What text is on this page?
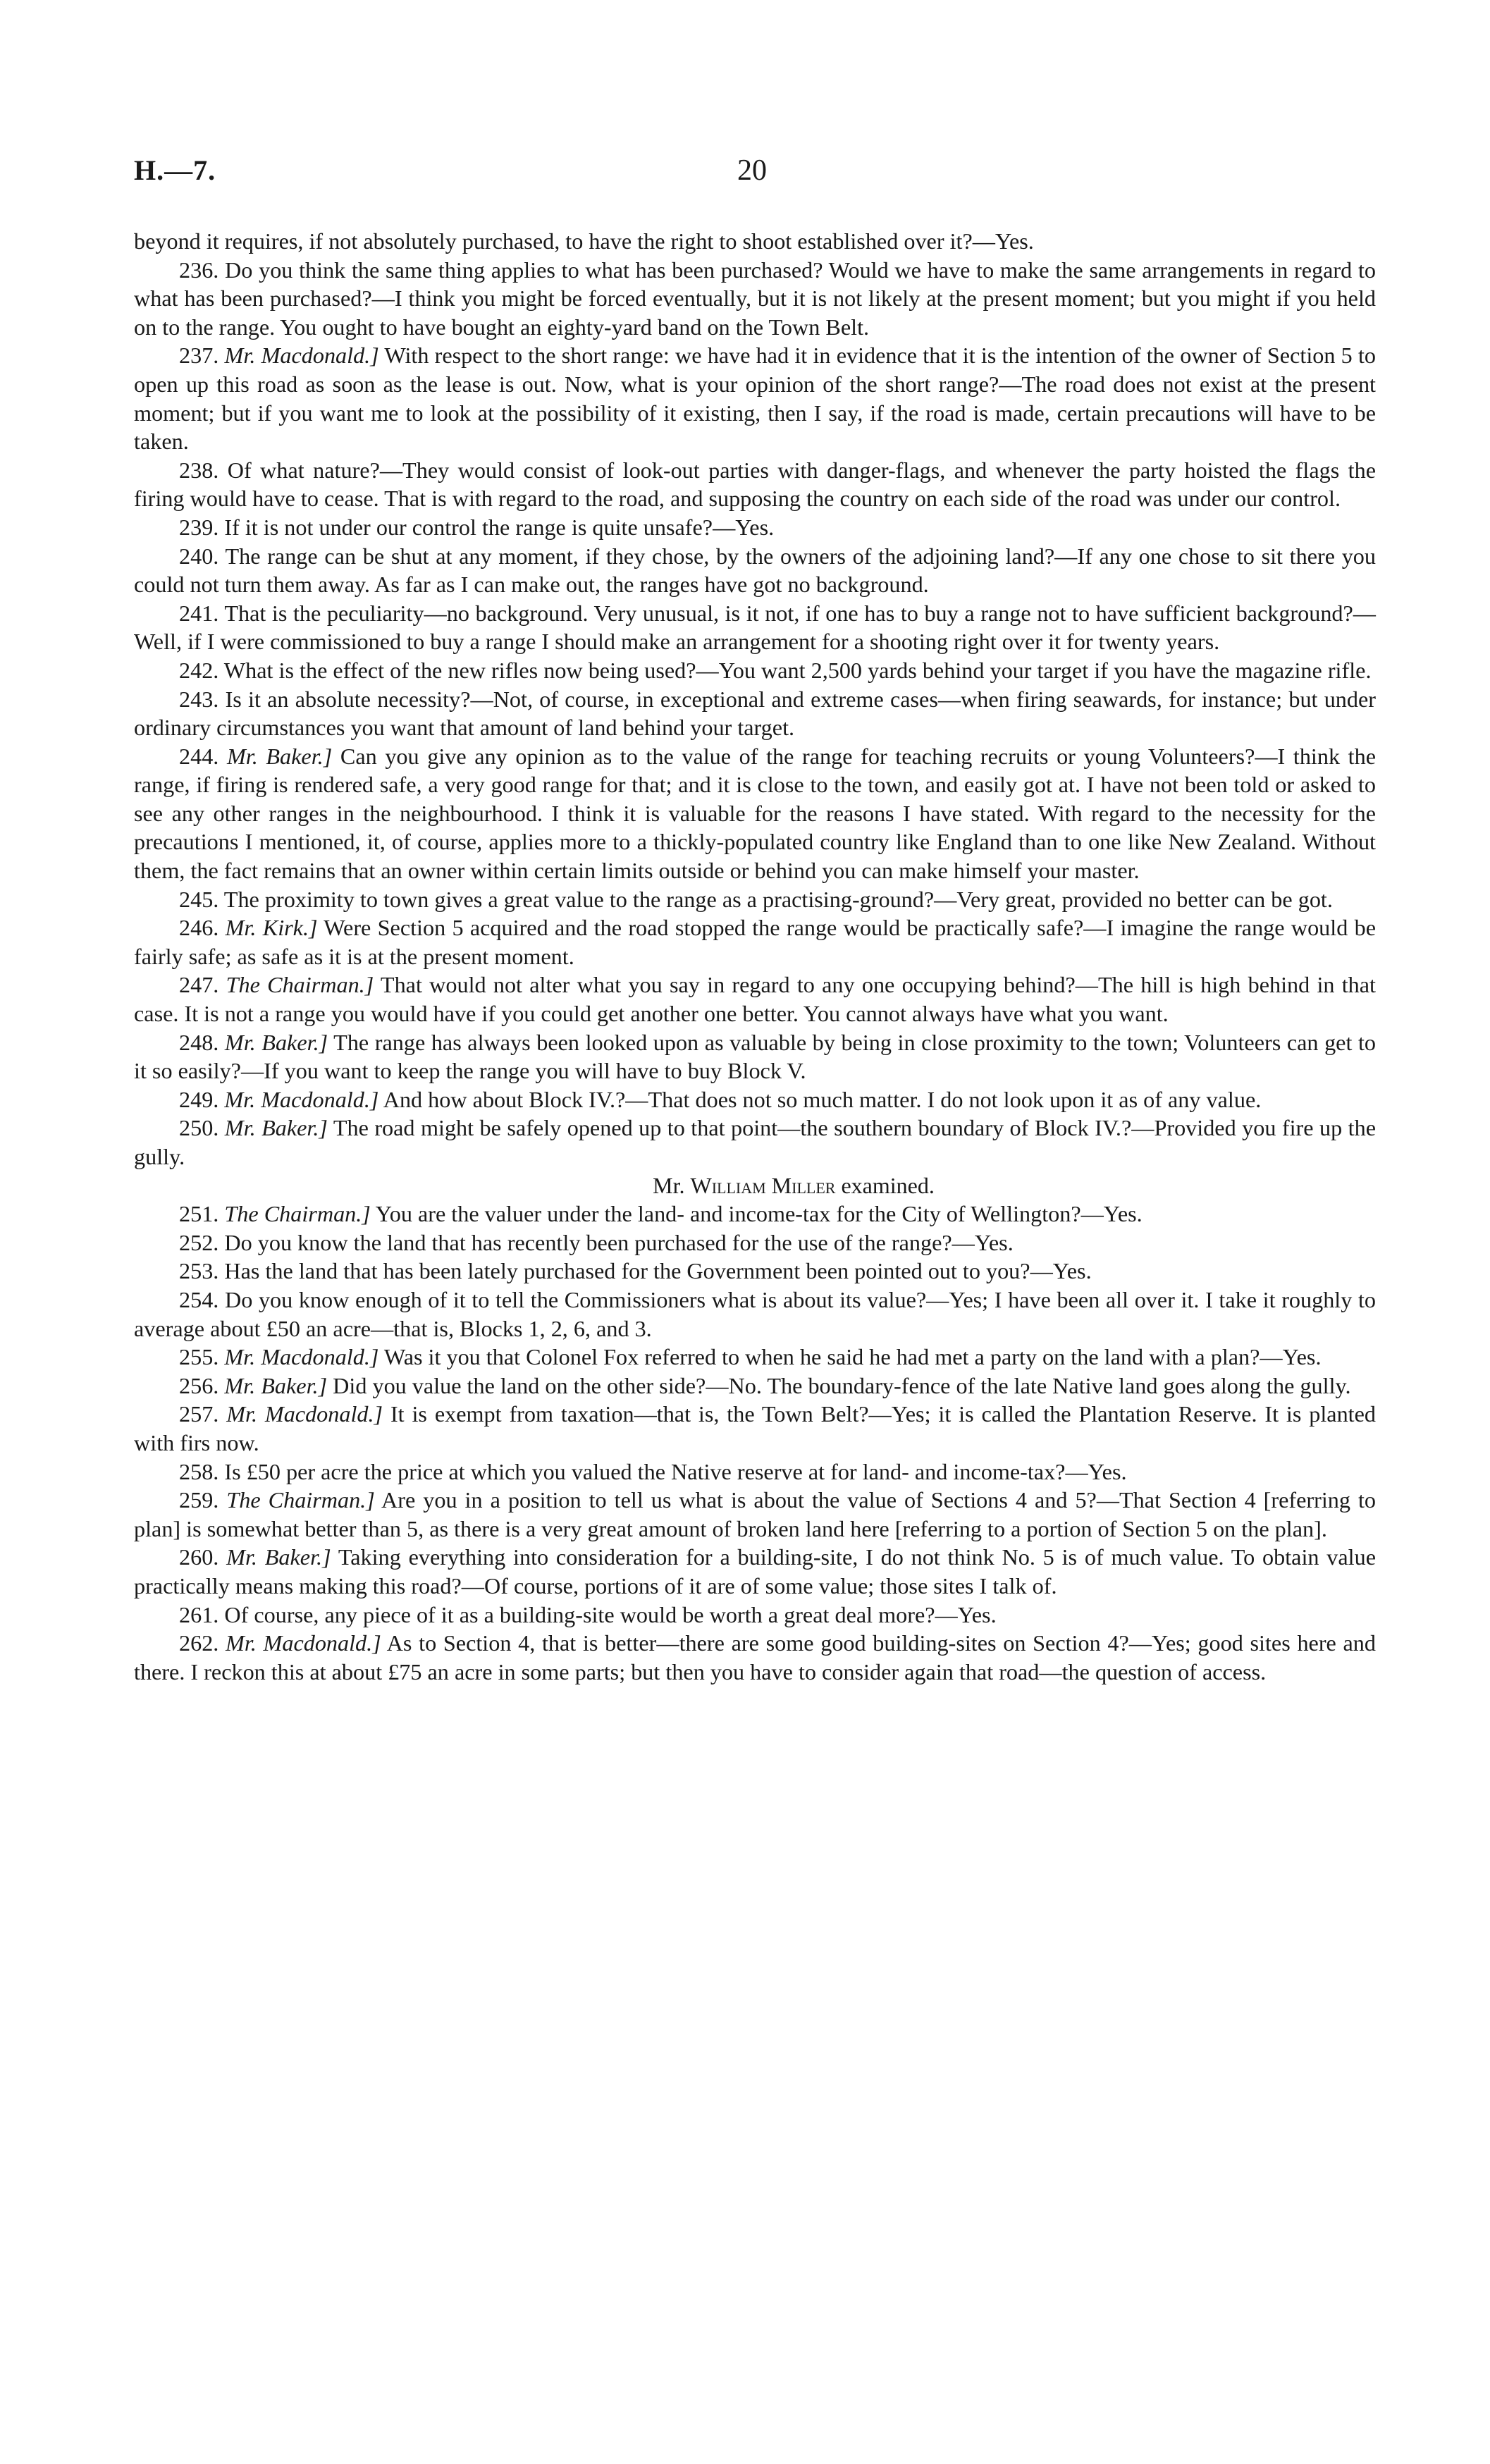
H.—7.	20

beyond it requires, if not absolutely purchased, to have the right to shoot established over it?—Yes.

236. Do you think the same thing applies to what has been purchased? Would we have to make the same arrangements in regard to what has been purchased?—I think you might be forced eventually, but it is not likely at the present moment; but you might if you held on to the range. You ought to have bought an eighty-yard band on the Town Belt.

237. Mr. Macdonald.] With respect to the short range: we have had it in evidence that it is the intention of the owner of Section 5 to open up this road as soon as the lease is out. Now, what is your opinion of the short range?—The road does not exist at the present moment; but if you want me to look at the possibility of it existing, then I say, if the road is made, certain precautions will have to be taken.

238. Of what nature?—They would consist of look-out parties with danger-flags, and whenever the party hoisted the flags the firing would have to cease. That is with regard to the road, and supposing the country on each side of the road was under our control.

239. If it is not under our control the range is quite unsafe?—Yes.

240. The range can be shut at any moment, if they chose, by the owners of the adjoining land?—If any one chose to sit there you could not turn them away. As far as I can make out, the ranges have got no background.

241. That is the peculiarity—no background. Very unusual, is it not, if one has to buy a range not to have sufficient background?—Well, if I were commissioned to buy a range I should make an arrangement for a shooting right over it for twenty years.

242. What is the effect of the new rifles now being used?—You want 2,500 yards behind your target if you have the magazine rifle.

243. Is it an absolute necessity?—Not, of course, in exceptional and extreme cases—when firing seawards, for instance; but under ordinary circumstances you want that amount of land behind your target.

244. Mr. Baker.] Can you give any opinion as to the value of the range for teaching recruits or young Volunteers?—I think the range, if firing is rendered safe, a very good range for that; and it is close to the town, and easily got at. I have not been told or asked to see any other ranges in the neighbourhood. I think it is valuable for the reasons I have stated. With regard to the necessity for the precautions I mentioned, it, of course, applies more to a thickly-populated country like England than to one like New Zealand. Without them, the fact remains that an owner within certain limits outside or behind you can make himself your master.

245. The proximity to town gives a great value to the range as a practising-ground?—Very great, provided no better can be got.

246. Mr. Kirk.] Were Section 5 acquired and the road stopped the range would be practically safe?—I imagine the range would be fairly safe; as safe as it is at the present moment.

247. The Chairman.] That would not alter what you say in regard to any one occupying behind?—The hill is high behind in that case. It is not a range you would have if you could get another one better. You cannot always have what you want.

248. Mr. Baker.] The range has always been looked upon as valuable by being in close proximity to the town; Volunteers can get to it so easily?—If you want to keep the range you will have to buy Block V.

249. Mr. Macdonald.] And how about Block IV.?—That does not so much matter. I do not look upon it as of any value.

250. Mr. Baker.] The road might be safely opened up to that point—the southern boundary of Block IV.?—Provided you fire up the gully.

Mr. William Miller examined.

251. The Chairman.] You are the valuer under the land- and income-tax for the City of Wellington?—Yes.

252. Do you know the land that has recently been purchased for the use of the range?—Yes.

253. Has the land that has been lately purchased for the Government been pointed out to you?—Yes.

254. Do you know enough of it to tell the Commissioners what is about its value?—Yes; I have been all over it. I take it roughly to average about £50 an acre—that is, Blocks 1, 2, 6, and 3.

255. Mr. Macdonald.] Was it you that Colonel Fox referred to when he said he had met a party on the land with a plan?—Yes.

256. Mr. Baker.] Did you value the land on the other side?—No. The boundary-fence of the late Native land goes along the gully.

257. Mr. Macdonald.] It is exempt from taxation—that is, the Town Belt?—Yes; it is called the Plantation Reserve. It is planted with firs now.

258. Is £50 per acre the price at which you valued the Native reserve at for land- and income-tax?—Yes.

259. The Chairman.] Are you in a position to tell us what is about the value of Sections 4 and 5?—That Section 4 [referring to plan] is somewhat better than 5, as there is a very great amount of broken land here [referring to a portion of Section 5 on the plan].

260. Mr. Baker.] Taking everything into consideration for a building-site, I do not think No. 5 is of much value. To obtain value practically means making this road?—Of course, portions of it are of some value; those sites I talk of.

261. Of course, any piece of it as a building-site would be worth a great deal more?—Yes.

262. Mr. Macdonald.] As to Section 4, that is better—there are some good building-sites on Section 4?—Yes; good sites here and there. I reckon this at about £75 an acre in some parts; but then you have to consider again that road—the question of access.
